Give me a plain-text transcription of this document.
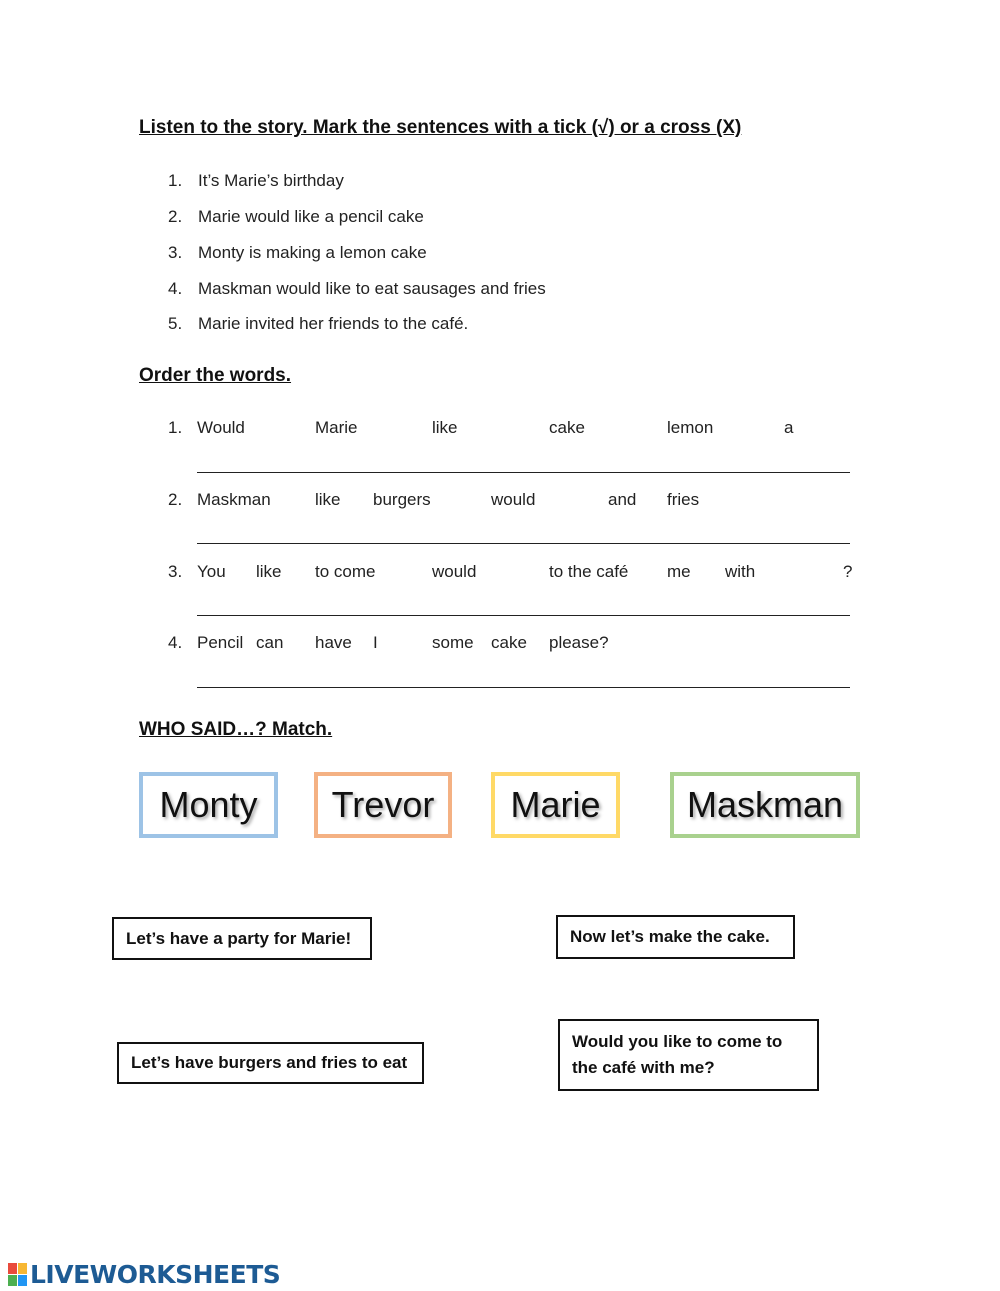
Listen to the story. Mark the sentences with a tick (√) or a cross (X)
1. It’s Marie’s birthday
2. Marie would like a pencil cake
3. Monty is making a lemon cake
4. Maskman would like to eat sausages and fries
5. Marie invited her friends to the café.
Order the words.
1. Would	Marie	like	cake	lemon	a
2. Maskman	like burgers	would	and fries
3. You like to come	would	to the café me with	?
4. Pencil can have I	some cake please?
WHO SAID…? Match.
Monty	Trevor	Marie	Maskman
Let’s have a party for Marie!	Now let’s make the cake.
Let’s have burgers and fries to eat
Would you like to come to the café with me?
LIVEWORKSHEETS
